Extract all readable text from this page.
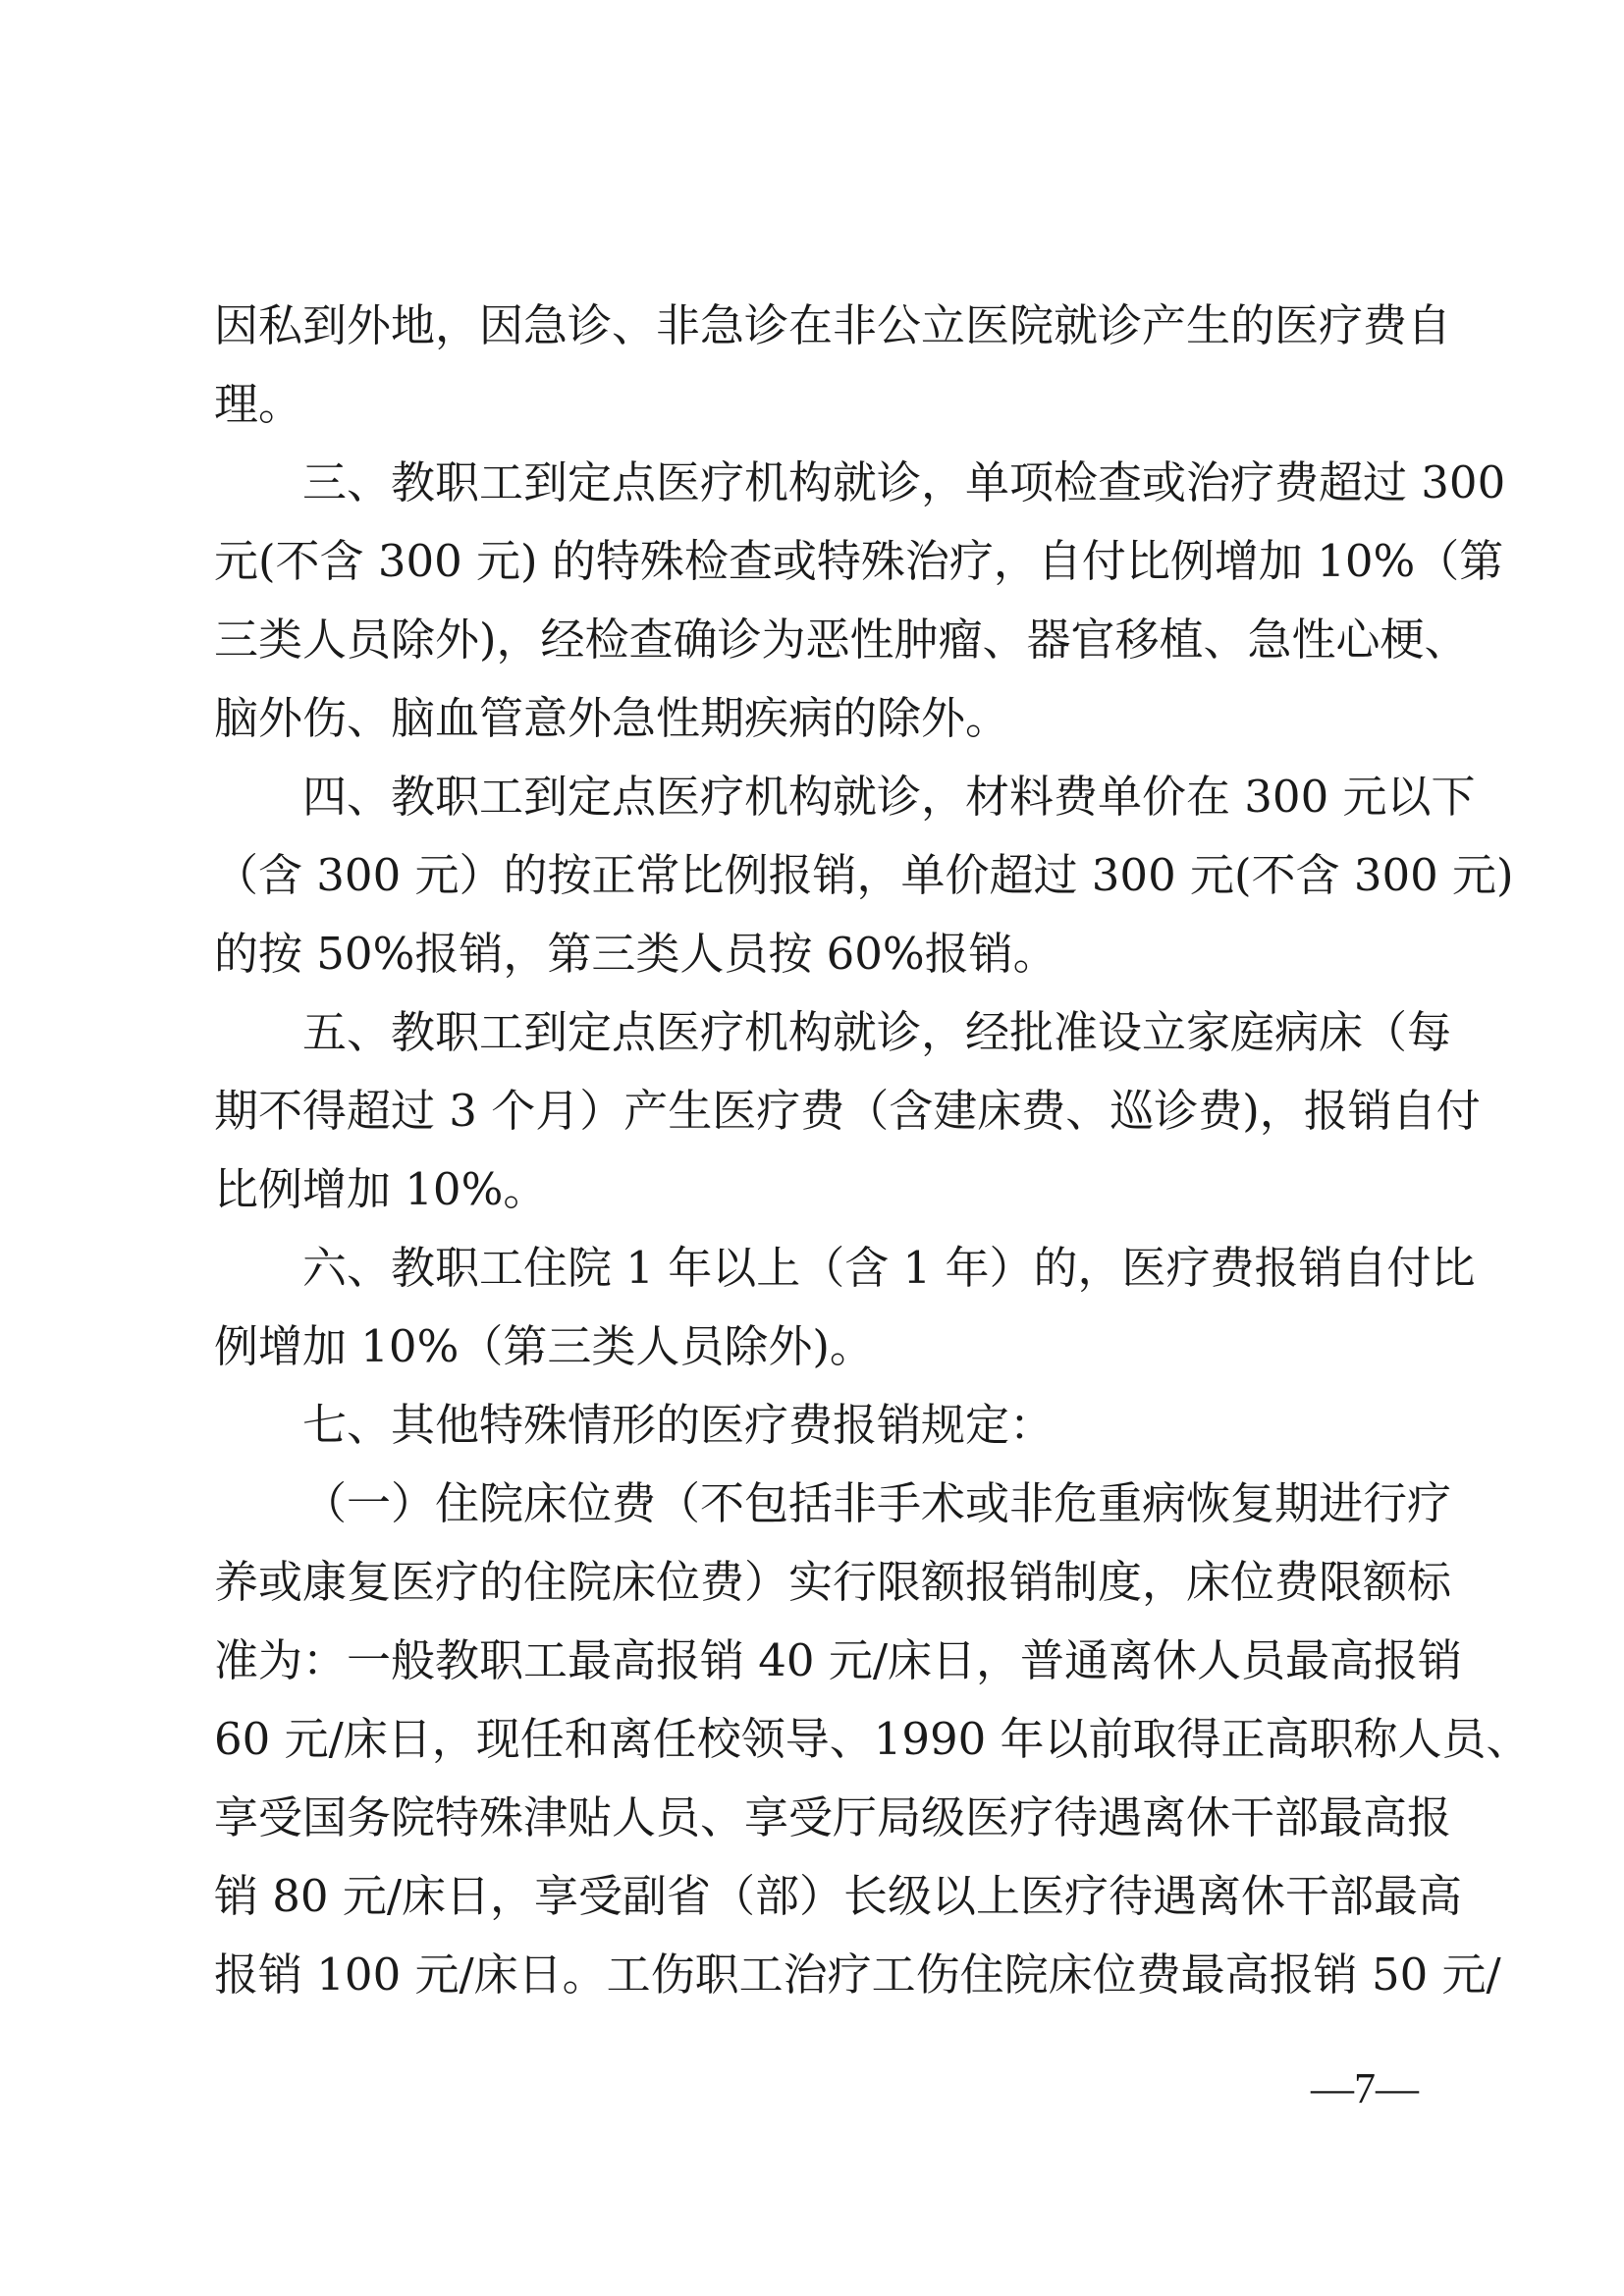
因私到外地，因急诊、非急诊在非公立医院就诊产生的医疗费自
理。
三、教职工到定点医疗机构就诊，单项检查或治疗费超过 300
元(不含 300 元) 的特殊检查或特殊治疗，自付比例增加 10%（第
三类人员除外)，经检查确诊为恶性肿瘤、器官移植、急性心梗、
脑外伤、脑血管意外急性期疾病的除外。
四、教职工到定点医疗机构就诊，材料费单价在 300 元以下
（含 300 元）的按正常比例报销，单价超过 300 元(不含 300 元)
的按 50%报销，第三类人员按 60%报销。
五、教职工到定点医疗机构就诊，经批准设立家庭病床（每
期不得超过 3 个月）产生医疗费（含建床费、巡诊费)，报销自付
比例增加 10%。
六、教职工住院 1 年以上（含 1 年）的，医疗费报销自付比
例增加 10%（第三类人员除外)。
七、其他特殊情形的医疗费报销规定：
（一）住院床位费（不包括非手术或非危重病恢复期进行疗
养或康复医疗的住院床位费）实行限额报销制度，床位费限额标
准为：一般教职工最高报销 40 元/床日，普通离休人员最高报销
60 元/床日，现任和离任校领导、1990 年以前取得正高职称人员、
享受国务院特殊津贴人员、享受厅局级医疗待遇离休干部最高报
销 80 元/床日，享受副省（部）长级以上医疗待遇离休干部最高
报销 100 元/床日。工伤职工治疗工伤住院床位费最高报销 50 元/
—7—
